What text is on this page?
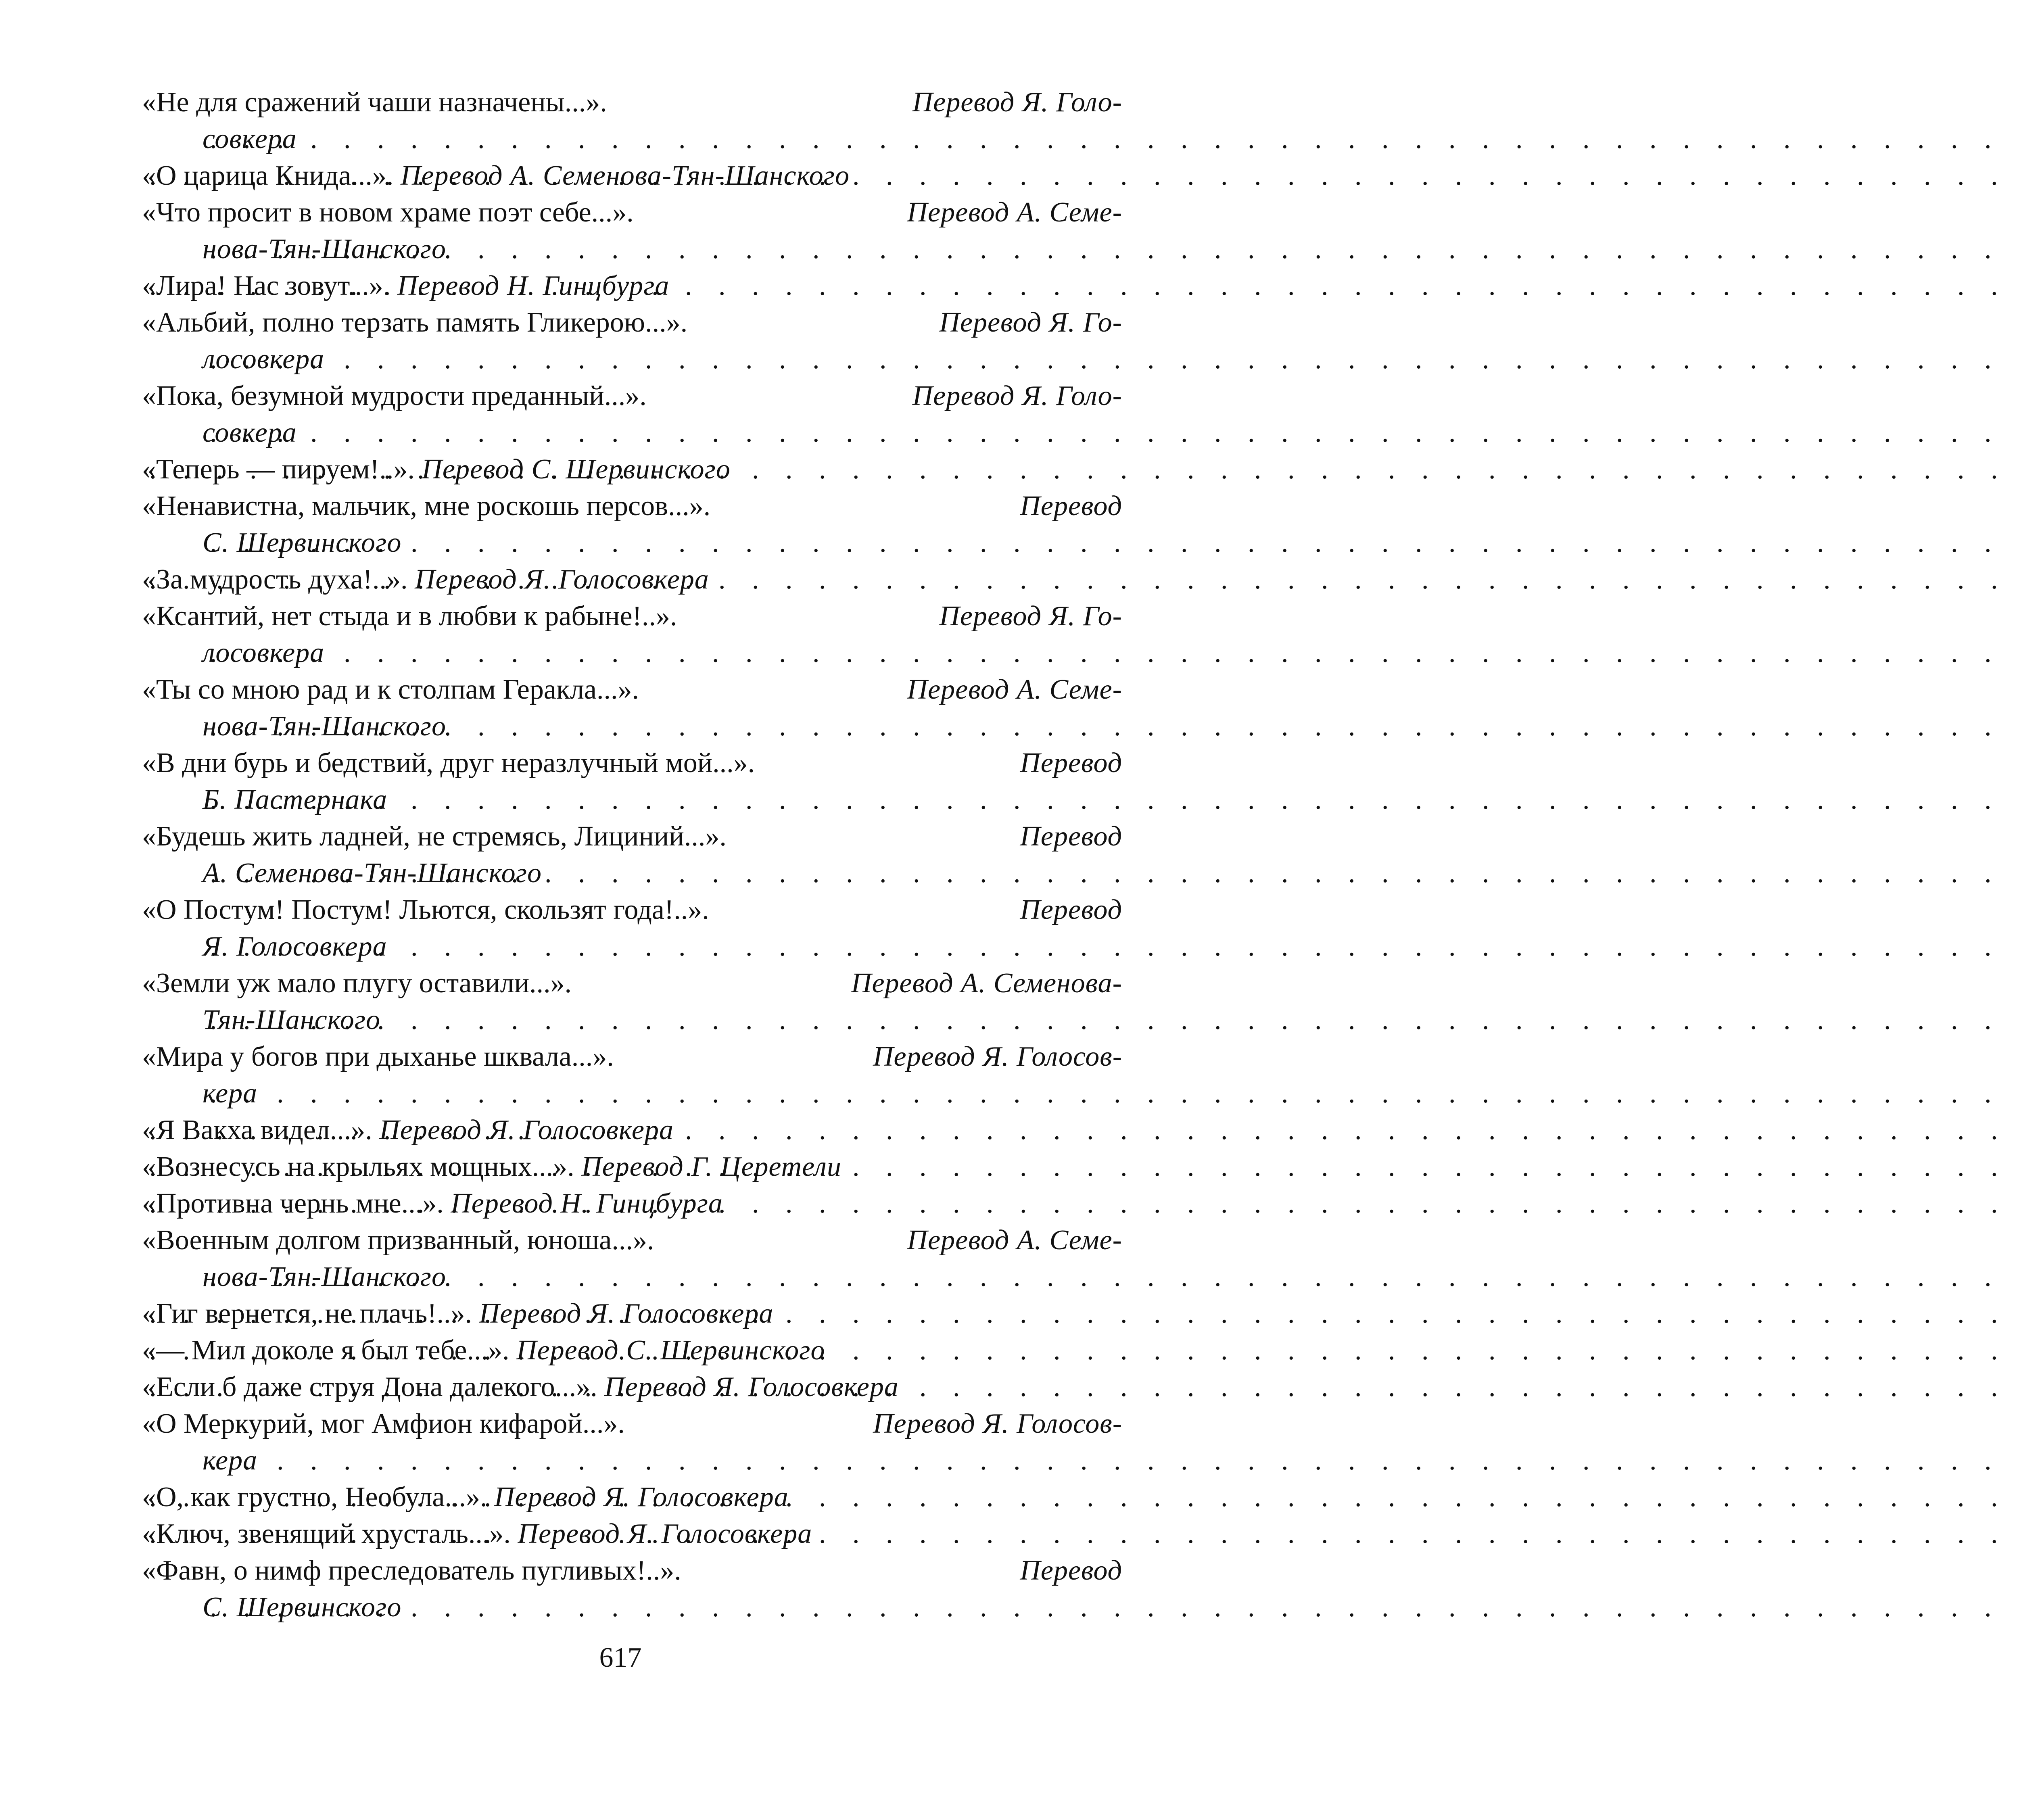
«Не для сражений чаши назначены...».	Перевод Я. Голо-
совкера
. . .
«О царица Книда...». Перевод А. Семенова-Тян-Шанского
. . .
«Что просит в новом храме поэт себе...».	Перевод А. Семе-
нова-Тян-Шанского
. . .
«Лира! Нас зовут...». Перевод Н. Гинцбурга
. . .
«Альбий, полно терзать память Гликерою...».	Перевод Я. Го-
лосовкера
. . .
«Пока, безумной мудрости преданный...».	Перевод Я. Голо-
совкера
. . .
«Теперь — пируем!..». Перевод С. Шервинского
. . .
«Ненавистна, мальчик, мне роскошь персов...».	Перевод
С. Шервинского
. . .
«За мудрость духа!..». Перевод Я. Голосовкера
. . .
«Ксантий, нет стыда и в любви к рабыне!..».	Перевод Я. Го-
лосовкера
. . .
«Ты со мною рад и к столпам Геракла...».	Перевод А. Семе-
нова-Тян-Шанского
. . .
«В дни бурь и бедствий, друг неразлучный мой...».	Перевод
Б. Пастернака
. . .
«Будешь жить ладней, не стремясь, Лициний...».	Перевод
А. Семенова-Тян-Шанского
. . .
«О Постум! Постум! Льются, скользят года!..».	Перевод
Я. Голосовкера
. . .
«Земли уж мало плугу оставили...».	Перевод А. Семенова-
Тян-Шанского
. . .
«Мира у богов при дыханье шквала...».	Перевод Я. Голосов-
кера
. . .
«Я Вакха видел...». Перевод Я. Голосовкера
. . .
«Вознесусь на крыльях мощных...». Перевод Г. Церетели
. . .
«Противна чернь мне...». Перевод Н. Гинцбурга
. . .
«Военным долгом призванный, юноша...».	Перевод А. Семе-
нова-Тян-Шанского
. . .
«Гиг вернется, не плачь!..». Перевод Я. Голосовкера
. . .
«— Мил доколе я был тебе...». Перевод С. Шервинского
. . .
«Если б даже струя Дона далекого...». Перевод Я. Голосовкера
. . .
«О Меркурий, мог Амфион кифарой...».	Перевод Я. Голосов-
кера
. . .
«О, как грустно, Необула...». Перевод Я. Голосовкера
. . .
«Ключ, звенящий хрусталь...». Перевод Я. Голосовкера
. . .
«Фавн, о нимф преследователь пугливых!..».	Перевод
С. Шервинского
. . .
617
